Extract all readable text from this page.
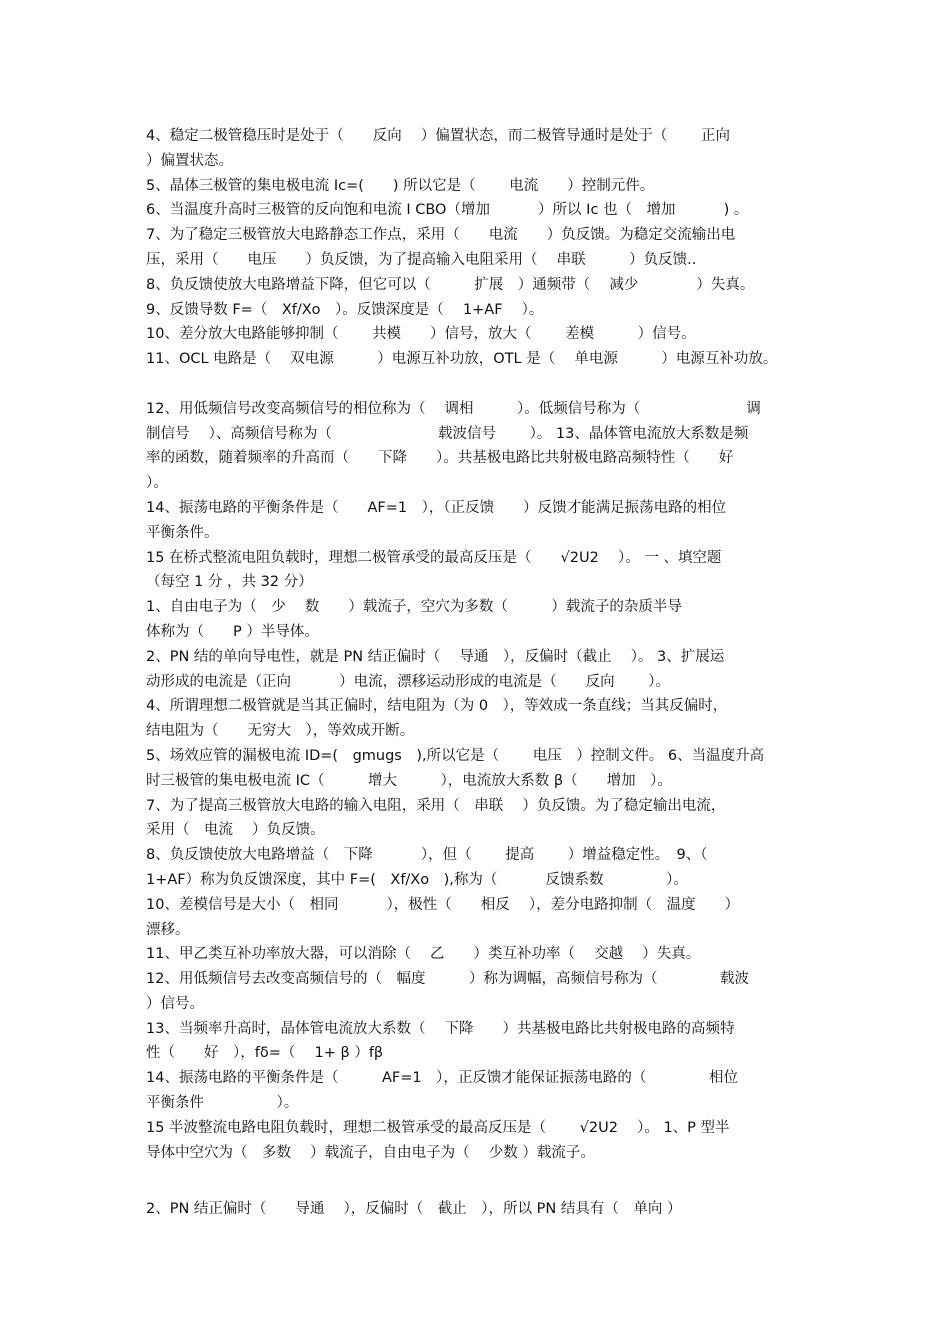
4、稳定二极管稳压时是处于（　　反向　 ）偏置状态，而二极管导通时是处于（　　 正向
）偏置状态。
5、晶体三极管的集电极电流 Ic=(　　) 所以它是（　　 电流　　）控制元件。
6、当温度升高时三极管的反向饱和电流 I CBO（增加　　　 ）所以 Ic 也（　增加　　　 ) 。
7、为了稳定三极管放大电路静态工作点，采用（　　电流　　）负反馈。为稳定交流输出电
压，采用（　　电压　　）负反馈，为了提高输入电阻采用（　 串联　　　）负反馈..
8、负反馈使放大电路增益下降，但它可以（　　　扩展　）通频带（　 减少　　　　）失真。
9、反馈导数 F=（　Xf/Xo　）。反馈深度是（　 1+AF　 ）。
10、差分放大电路能够抑制（　　 共模　　）信号，放大（　　 差模　　　）信号。
11、OCL 电路是（　 双电源　　　）电源互补功放，OTL 是（　 单电源　　　）电源互补功放。
12、用低频信号改变高频信号的相位称为（　 调相　　　）。低频信号称为（　　　　　　　 调
制信号　 ）、高频信号称为（　　　　　　　 载波信号　　 ）。 13、晶体管电流放大系数是频
率的函数，随着频率的升高而（　　下降　　）。共基极电路比共射极电路高频特性（　　好
）。
14、振荡电路的平衡条件是（　　AF=1　），（正反馈　　）反馈才能满足振荡电路的相位
平衡条件。
15 在桥式整流电阻负载时，理想二极管承受的最高反压是（　　√2U2　 ）。 一 、填空题
（每空 1 分 ，共 32 分）
1、自由电子为（　少　 数　　）载流子，空穴为多数（　　　）载流子的杂质半导
体称为（　　P ）半导体。
2、PN 结的单向导电性，就是 PN 结正偏时（　 导通　），反偏时（截止　 ）。 3、扩展运
动形成的电流是（正向　　　 ）电流，漂移运动形成的电流是（　　反向　　 ）。
4、所谓理想二极管就是当其正偏时，结电阻为（为 0　），等效成一条直线；当其反偏时，
结电阻为（　　无穷大　），等效成开断。
5、场效应管的漏极电流 ID=(　gmugs　),所以它是（　　 电压　）控制文件。 6、当温度升高
时三极管的集电极电流 IC（　　　增大　　　），电流放大系数 β（　　增加　）。
7、为了提高三极管放大电路的输入电阻，采用（　串联　 ）负反馈。为了稳定输出电流，
采用（　电流　 ）负反馈。
8、负反馈使放大电路增益（　下降　　　 ），但（　　 提高　　 ）增益稳定性。　9、（
1+AF）称为负反馈深度，其中 F=(　Xf/Xo　),称为（　　　 反馈系数　　　　 ）。
10、差模信号是大小（　相同　　　 ），极性（　　相反　 ），差分电路抑制（　温度　　）
漂移。
11、甲乙类互补功率放大器，可以消除（　 乙　　）类互补功率（　 交越　 ）失真。
12、用低频信号去改变高频信号的（　幅度　　　）称为调幅，高频信号称为（　　　　 载波
）信号。
13、当频率升高时，晶体管电流放大系数（　 下降　　）共基极电路比共射极电路的高频特
性（　　好　），fδ=（　 1+ β ）fβ
14、振荡电路的平衡条件是（　　　AF=1　），正反馈才能保证振荡电路的（　　　　 相位
平衡条件　　　　　）。
15 半波整流电路电阻负载时，理想二极管承受的最高反压是（　　 √2U2　 ）。 1、P 型半
导体中空穴为（　多数　 ）载流子，自由电子为（　 少数 ）载流子。
2、PN 结正偏时（　　导通　 ），反偏时（　截止　），所以 PN 结具有（　单向 ）
